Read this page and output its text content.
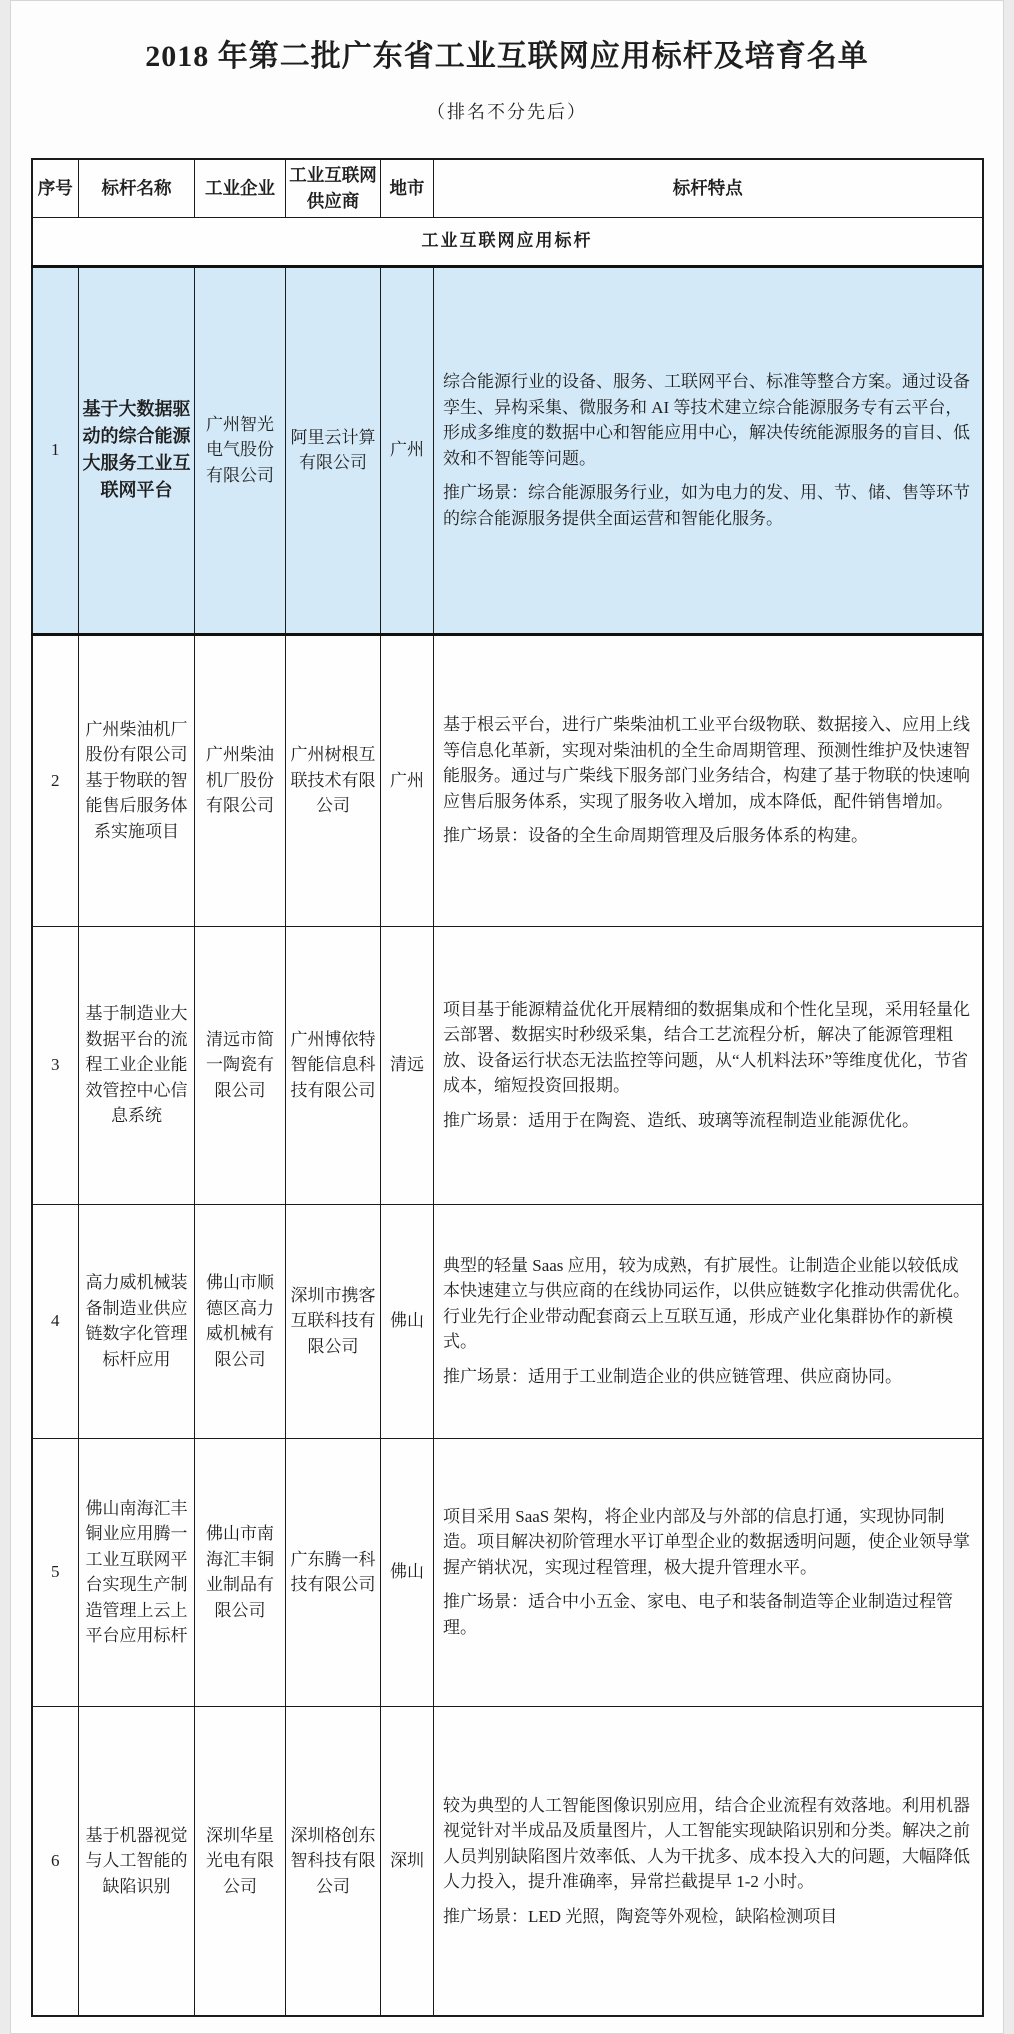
2018 年第二批广东省工业互联网应用标杆及培育名单
（排名不分先后）
序号	标杆名称	工业企业	工业互联网供应商	地市	标杆特点
工业互联网应用标杆					
1	基于大数据驱动的综合能源大服务工业互联网平台	广州智光电气股份有限公司	阿里云计算有限公司	广州	综合能源行业的设备、服务、工联网平台、标准等整合方案。通过设备孪生、异构采集、微服务和 AI 等技术建立综合能源服务专有云平台，形成多维度的数据中心和智能应用中心，解决传统能源服务的盲目、低效和不智能等问题。

推广场景：综合能源服务行业，如为电力的发、用、节、储、售等环节的综合能源服务提供全面运营和智能化服务。

2	广州柴油机厂股份有限公司基于物联的智能售后服务体系实施项目	广州柴油机厂股份有限公司	广州树根互联技术有限公司	广州	基于根云平台，进行广柴柴油机工业平台级物联、数据接入、应用上线等信息化革新，实现对柴油机的全生命周期管理、预测性维护及快速智能服务。通过与广柴线下服务部门业务结合，构建了基于物联的快速响应售后服务体系，实现了服务收入增加，成本降低，配件销售增加。

推广场景：设备的全生命周期管理及后服务体系的构建。

3	基于制造业大数据平台的流程工业企业能效管控中心信息系统	清远市简一陶瓷有限公司	广州博依特智能信息科技有限公司	清远	项目基于能源精益优化开展精细的数据集成和个性化呈现，采用轻量化云部署、数据实时秒级采集，结合工艺流程分析，解决了能源管理粗放、设备运行状态无法监控等问题，从“人机料法环”等维度优化，节省成本，缩短投资回报期。

推广场景：适用于在陶瓷、造纸、玻璃等流程制造业能源优化。

4	高力威机械装备制造业供应链数字化管理标杆应用	佛山市顺德区高力威机械有限公司	深圳市携客互联科技有限公司	佛山	典型的轻量 Saas 应用，较为成熟，有扩展性。让制造企业能以较低成本快速建立与供应商的在线协同运作，以供应链数字化推动供需优化。行业先行企业带动配套商云上互联互通，形成产业化集群协作的新模式。

推广场景：适用于工业制造企业的供应链管理、供应商协同。

5	佛山南海汇丰铜业应用腾一工业互联网平台实现生产制造管理上云上平台应用标杆	佛山市南海汇丰铜业制品有限公司	广东腾一科技有限公司	佛山	项目采用 SaaS 架构，将企业内部及与外部的信息打通，实现协同制造。项目解决初阶管理水平订单型企业的数据透明问题，使企业领导掌握产销状况，实现过程管理，极大提升管理水平。

推广场景：适合中小五金、家电、电子和装备制造等企业制造过程管理。

6	基于机器视觉与人工智能的缺陷识别	深圳华星光电有限公司	深圳格创东智科技有限公司	深圳	较为典型的人工智能图像识别应用，结合企业流程有效落地。利用机器视觉针对半成品及质量图片，人工智能实现缺陷识别和分类。解决之前人员判别缺陷图片效率低、人为干扰多、成本投入大的问题，大幅降低人力投入，提升准确率，异常拦截提早 1-2 小时。

推广场景：LED 光照，陶瓷等外观检，缺陷检测项目
